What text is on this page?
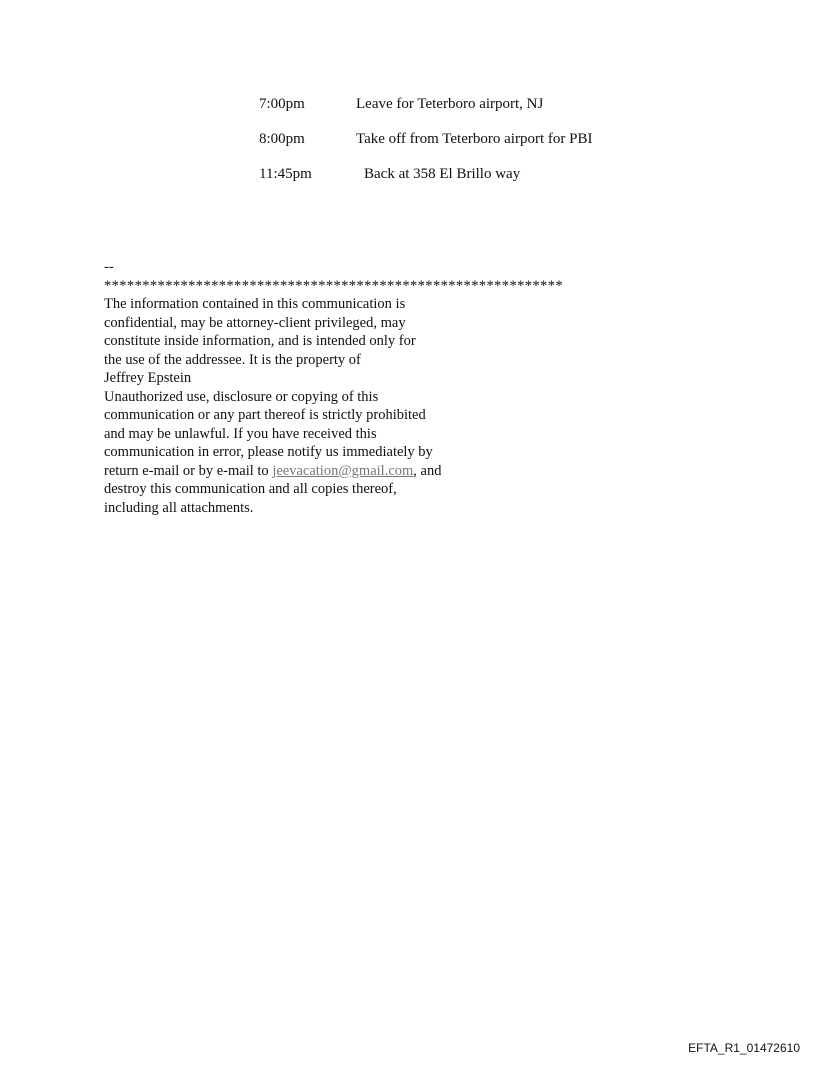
7:00pm	Leave for Teterboro airport, NJ
8:00pm	Take off from Teterboro airport for PBI
11:45pm	Back at 358 El Brillo way
--
************************************************************
The information contained in this communication is
confidential, may be attorney-client privileged, may
constitute inside information, and is intended only for
the use of the addressee. It is the property of
Jeffrey Epstein
Unauthorized use, disclosure or copying of this
communication or any part thereof is strictly prohibited
and may be unlawful. If you have received this
communication in error, please notify us immediately by
return e-mail or by e-mail to jeevacation@gmail.com, and
destroy this communication and all copies thereof,
including all attachments.
EFTA_R1_01472610
